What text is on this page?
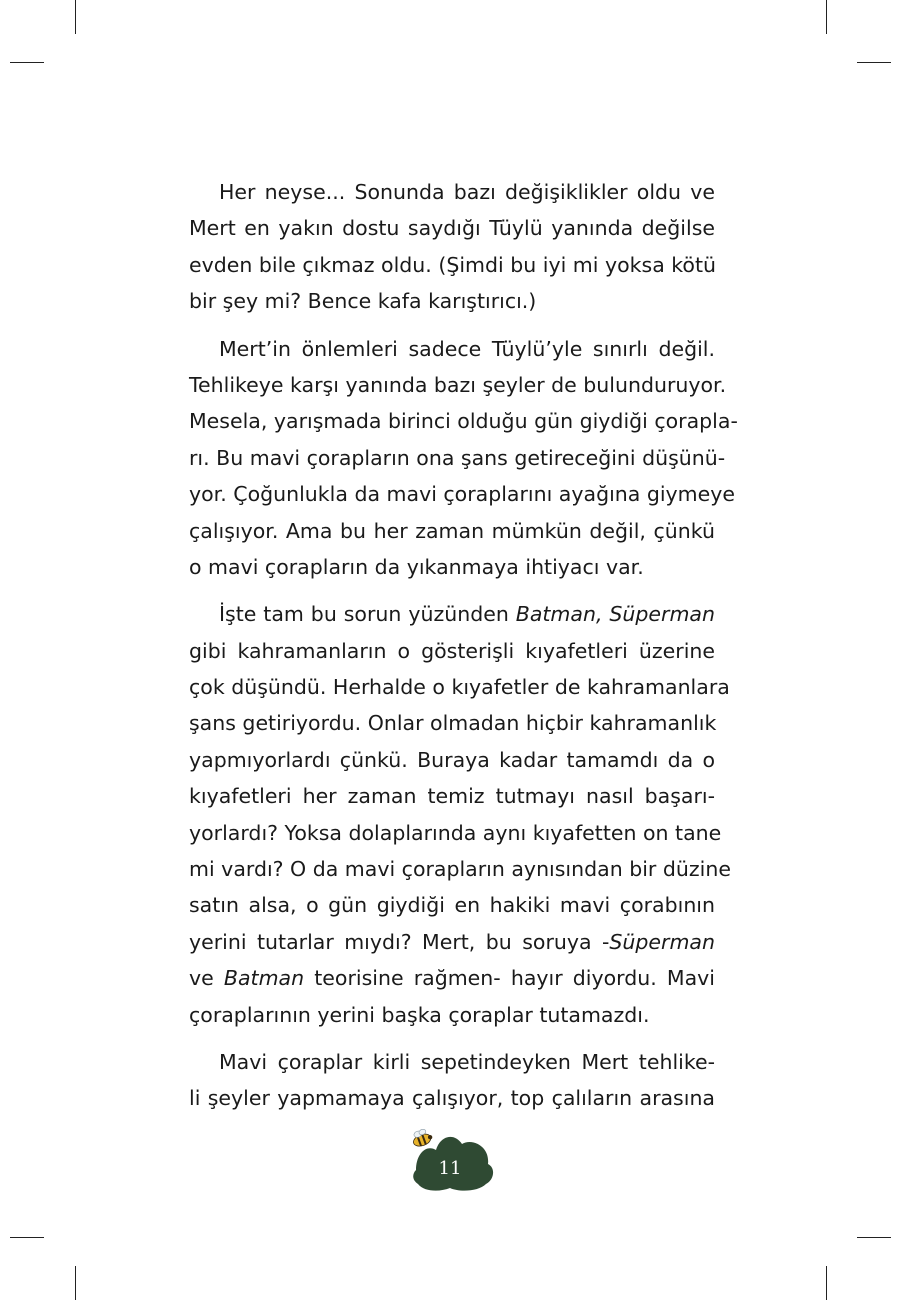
Her neyse... Sonunda bazı değişiklikler oldu ve
Mert en yakın dostu saydığı Tüylü yanında değilse
evden bile çıkmaz oldu. (Şimdi bu iyi mi yoksa kötü
bir şey mi? Bence kafa karıştırıcı.)

Mert’in önlemleri sadece Tüylü’yle sınırlı değil.
Tehlikeye karşı yanında bazı şeyler de bulunduruyor.
Mesela, yarışmada birinci olduğu gün giydiği çorapla-
rı. Bu mavi çorapların ona şans getireceğini düşünü-
yor. Çoğunlukla da mavi çoraplarını ayağına giymeye
çalışıyor. Ama bu her zaman mümkün değil, çünkü
o mavi çorapların da yıkanmaya ihtiyacı var.

İşte tam bu sorun yüzünden Batman, Süperman
gibi kahramanların o gösterişli kıyafetleri üzerine
çok düşündü. Herhalde o kıyafetler de kahramanlara
şans getiriyordu. Onlar olmadan hiçbir kahramanlık
yapmıyorlardı çünkü. Buraya kadar tamamdı da o
kıyafetleri her zaman temiz tutmayı nasıl başarı-
yorlardı? Yoksa dolaplarında aynı kıyafetten on tane
mi vardı? O da mavi çorapların aynısından bir düzine
satın alsa, o gün giydiği en hakiki mavi çorabının
yerini tutarlar mıydı? Mert, bu soruya -Süperman
ve Batman teorisine rağmen- hayır diyordu. Mavi
çoraplarının yerini başka çoraplar tutamazdı.

Mavi çoraplar kirli sepetindeyken Mert tehlike-
li şeyler yapmamaya çalışıyor, top çalıların arasına

11
